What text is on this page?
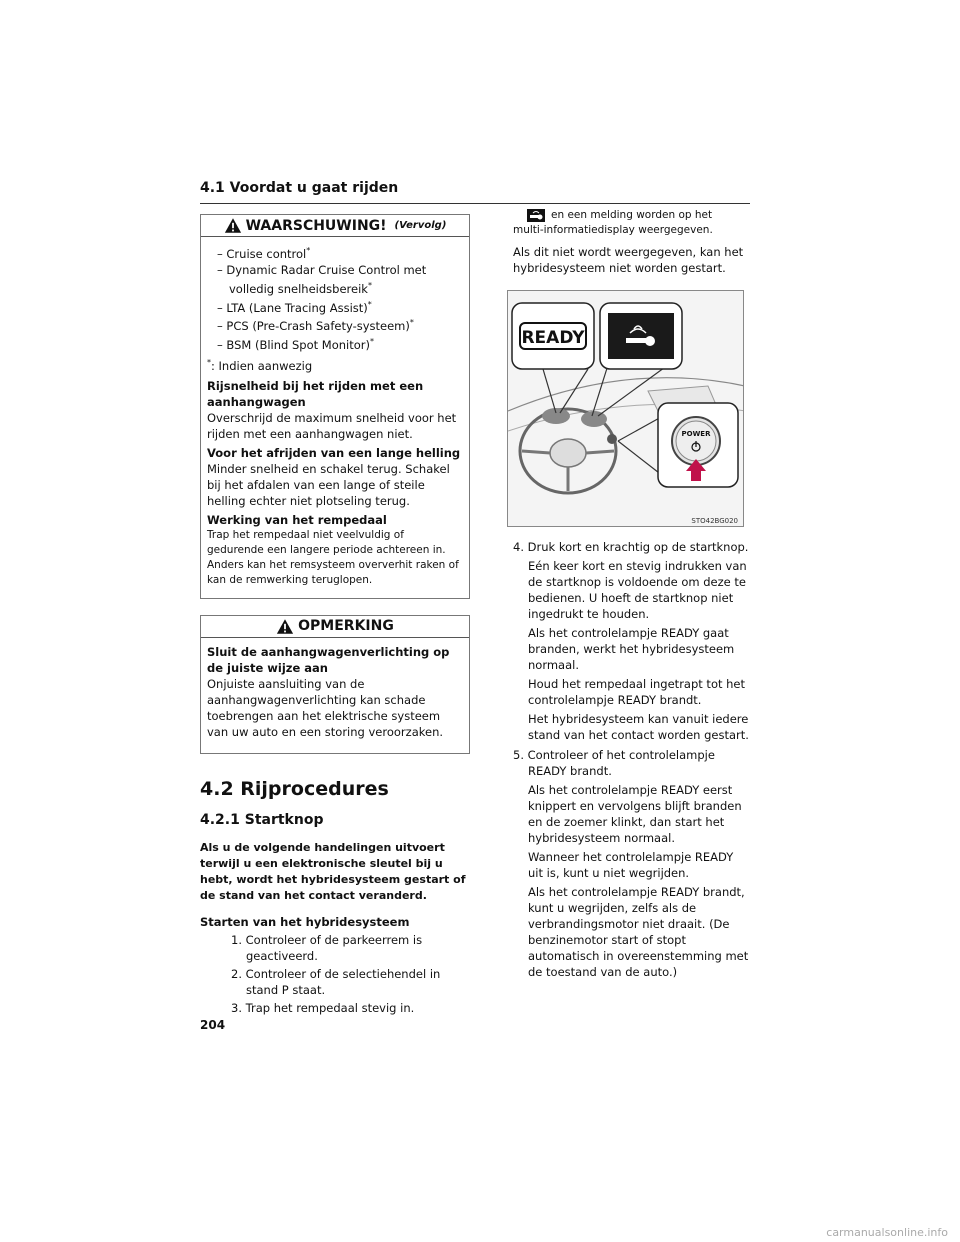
4.1 Voordat u gaat rijden
WAARSCHUWING! (Vervolg)
– Cruise control*
– Dynamic Radar Cruise Control met volledig snelheidsbereik*
– LTA (Lane Tracing Assist)*
– PCS (Pre-Crash Safety-systeem)*
– BSM (Blind Spot Monitor)*
*: Indien aanwezig
Rijsnelheid bij het rijden met een aanhangwagen
Overschrijd de maximum snelheid voor het rijden met een aanhangwagen niet.
Voor het afrijden van een lange helling
Minder snelheid en schakel terug. Schakel bij het afdalen van een lange of steile helling echter niet plotseling terug.
Werking van het rempedaal
Trap het rempedaal niet veelvuldig of gedurende een langere periode achtereen in. Anders kan het remsysteem oververhit raken of kan de remwerking teruglopen.
OPMERKING
Sluit de aanhangwagenverlichting op de juiste wijze aan
Onjuiste aansluiting van de aanhangwagenverlichting kan schade toebrengen aan het elektrische systeem van uw auto en een storing veroorzaken.
4.2 Rijprocedures
4.2.1 Startknop
Als u de volgende handelingen uitvoert terwijl u een elektronische sleutel bij u hebt, wordt het hybridesysteem gestart of de stand van het contact veranderd.
Starten van het hybridesysteem
1. Controleer of de parkeerrem is geactiveerd.
2. Controleer of de selectiehendel in stand P staat.
3. Trap het rempedaal stevig in.
en een melding worden op het
multi-informatiedisplay weergegeven.
Als dit niet wordt weergegeven, kan het hybridesysteem niet worden gestart.
READY
POWER
STO42BG020
4. Druk kort en krachtig op de startknop.
Eén keer kort en stevig indrukken van de startknop is voldoende om deze te bedienen. U hoeft de startknop niet ingedrukt te houden.
Als het controlelampje READY gaat branden, werkt het hybridesysteem normaal.
Houd het rempedaal ingetrapt tot het controlelampje READY brandt.
Het hybridesysteem kan vanuit iedere stand van het contact worden gestart.
5. Controleer of het controlelampje READY brandt.
Als het controlelampje READY eerst knippert en vervolgens blijft branden en de zoemer klinkt, dan start het hybridesysteem normaal.
Wanneer het controlelampje READY uit is, kunt u niet wegrijden.
Als het controlelampje READY brandt, kunt u wegrijden, zelfs als de verbrandingsmotor niet draait. (De benzinemotor start of stopt automatisch in overeenstemming met de toestand van de auto.)
204
carmanualsonline.info
